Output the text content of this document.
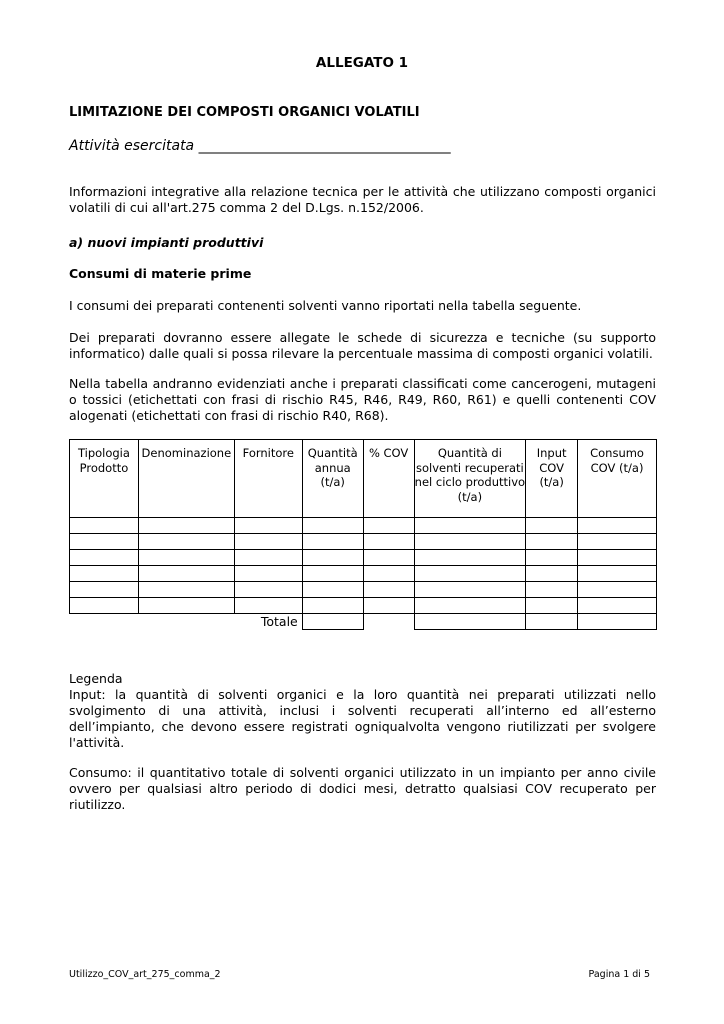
ALLEGATO 1
LIMITAZIONE DEI COMPOSTI ORGANICI VOLATILI
Attività esercitata ____________________________________

Informazioni integrative alla relazione tecnica per le attività che utilizzano composti organici volatili di cui all'art.275 comma 2 del D.Lgs. n.152/2006.

a) nuovi impianti produttivi
Consumi di materie prime

I consumi dei preparati contenenti solventi vanno riportati nella tabella seguente.

Dei preparati dovranno essere allegate le schede di sicurezza e tecniche (su supporto informatico) dalle quali si possa rilevare la percentuale massima di composti organici volatili.

Nella tabella andranno evidenziati anche i preparati classificati come cancerogeni, mutageni o tossici (etichettati con frasi di rischio R45, R46, R49, R60, R61) e quelli contenenti COV alogenati (etichettati con frasi di rischio R40, R68).

Tipologia Prodotto	Denominazione	Fornitore	Quantità annua (t/a)	% COV	Quantità di solventi recuperati nel ciclo produttivo (t/a)	Input COV (t/a)	Consumo COV (t/a)

		Totale					
Legenda

Input: la quantità di solventi organici e la loro quantità nei preparati utilizzati nello svolgimento di una attività, inclusi i solventi recuperati all’interno ed all’esterno dell’impianto, che devono essere registrati ogniqualvolta vengono riutilizzati per svolgere l'attività.

Consumo: il quantitativo totale di solventi organici utilizzato in un impianto per anno civile ovvero per qualsiasi altro periodo di dodici mesi, detratto qualsiasi COV recuperato per riutilizzo.

Utilizzo_COV_art_275_comma_2	Pagina 1 di 5
